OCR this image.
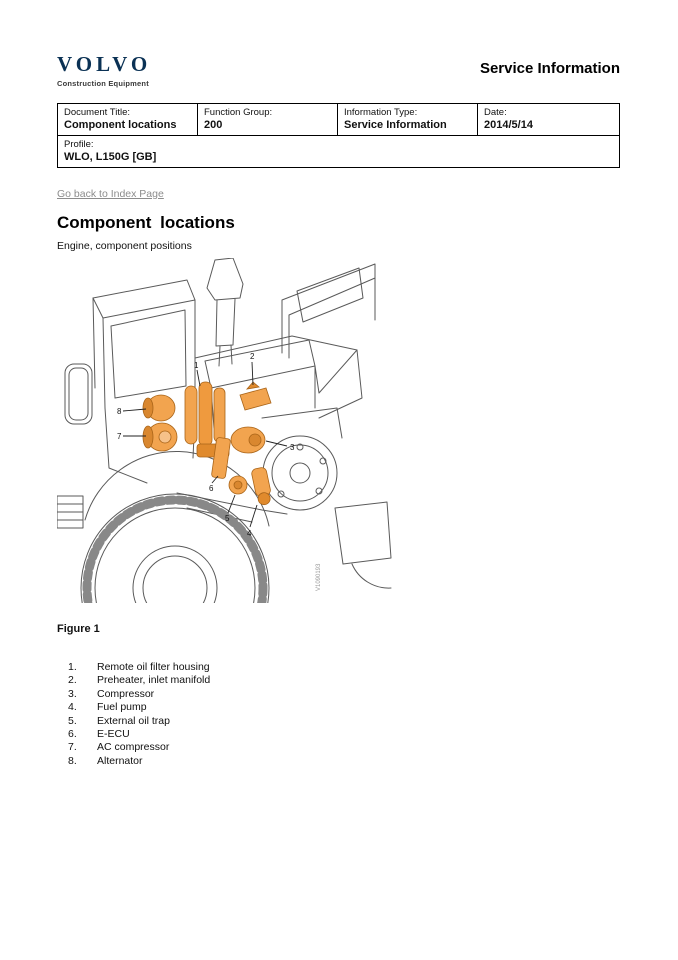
VOLVO
Construction Equipment
Service Information
Document Title:
Component locations

Function Group:
200

Information Type:
Service Information

Date:
2014/5/14

Profile:
WLO, L150G [GB]
Go back to Index Page
Component locations
Engine, component positions
1
2
3
4
5
6
7
8
V1090193
Figure 1
1.	Remote oil filter housing
2.	Preheater, inlet manifold
3.	Compressor
4.	Fuel pump
5.	External oil trap
6.	E-ECU
7.	AC compressor
8.	Alternator
